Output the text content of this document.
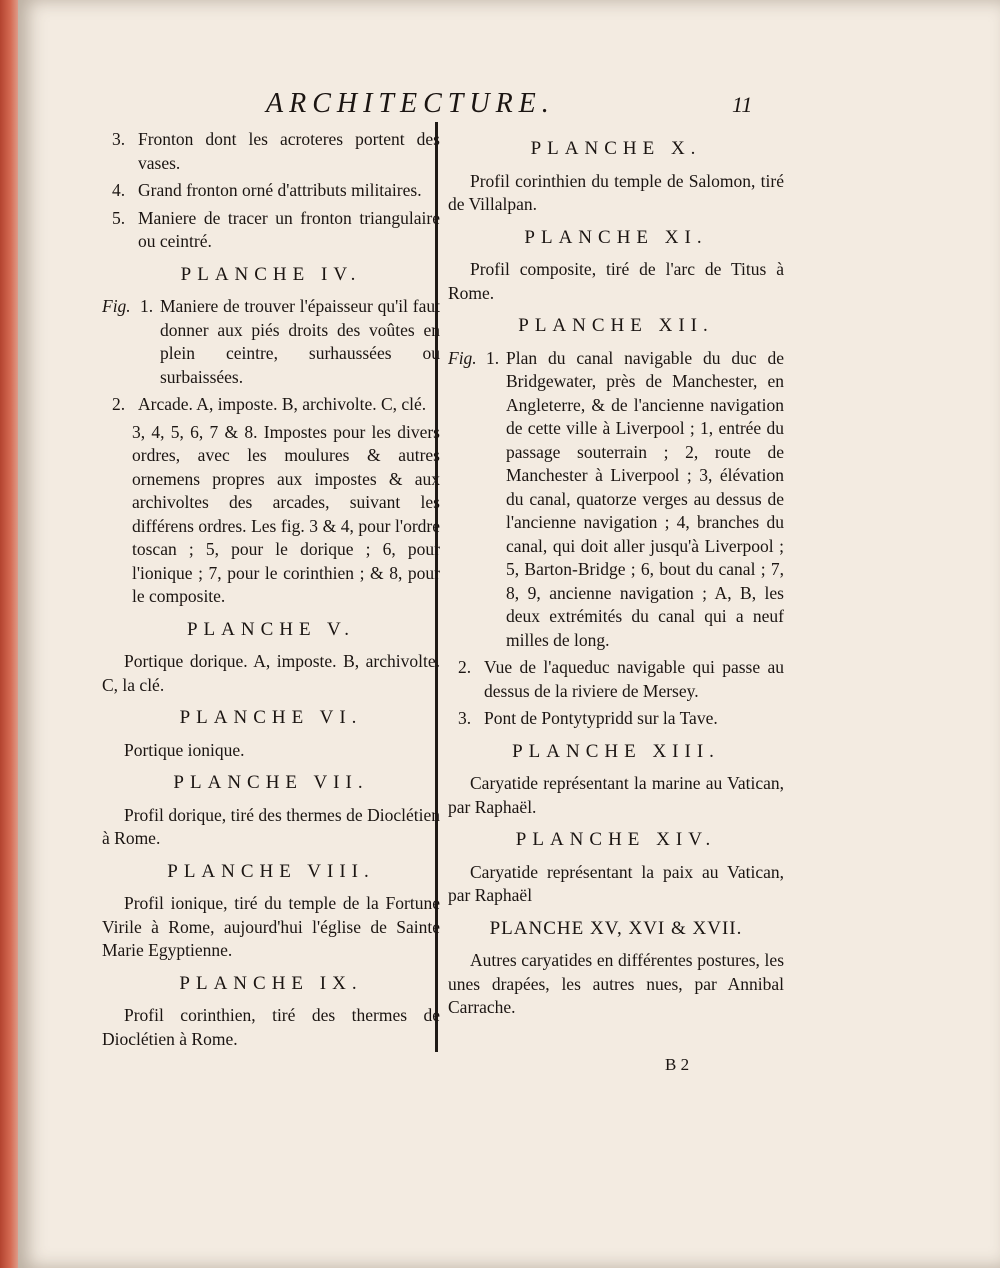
ARCHITECTURE.	11
3. Fronton dont les acroteres portent des vases.
4. Grand fronton orné d'attributs militaires.
5. Maniere de tracer un fronton triangulaire ou ceintré.
PLANCHE IV.
Fig. 1. Maniere de trouver l'épaisseur qu'il faut donner aux piés droits des voûtes en plein ceintre, surhaussées ou surbaissées.
2. Arcade. A, imposte. B, archivolte. C, clé.
3, 4, 5, 6, 7 & 8. Impostes pour les divers ordres, avec les moulures & autres ornemens propres aux impostes & aux archivoltes des arcades, suivant les différens ordres. Les fig. 3 & 4, pour l'ordre toscan ; 5, pour le dorique ; 6, pour l'ionique ; 7, pour le corinthien ; & 8, pour le composite.
PLANCHE V.
Portique dorique. A, imposte. B, archivolte. C, la clé.
PLANCHE VI.
Portique ionique.
PLANCHE VII.
Profil dorique, tiré des thermes de Dioclétien à Rome.
PLANCHE VIII.
Profil ionique, tiré du temple de la Fortune Virile à Rome, aujourd'hui l'église de Sainte Marie Egyptienne.
PLANCHE IX.
Profil corinthien, tiré des thermes de Dioclétien à Rome.
PLANCHE X.
Profil corinthien du temple de Salomon, tiré de Villalpan.
PLANCHE XI.
Profil composite, tiré de l'arc de Titus à Rome.
PLANCHE XII.
Fig. 1. Plan du canal navigable du duc de Bridgewater, près de Manchester, en Angleterre, & de l'ancienne navigation de cette ville à Liverpool ; 1, entrée du passage souterrain ; 2, route de Manchester à Liverpool ; 3, élévation du canal, quatorze verges au dessus de l'ancienne navigation ; 4, branches du canal, qui doit aller jusqu'à Liverpool ; 5, Barton-Bridge ; 6, bout du canal ; 7, 8, 9, ancienne navigation ; A, B, les deux extrémités du canal qui a neuf milles de long.
2. Vue de l'aqueduc navigable qui passe au dessus de la riviere de Mersey.
3. Pont de Pontytypridd sur la Tave.
PLANCHE XIII.
Caryatide représentant la marine au Vatican, par Raphaël.
PLANCHE XIV.
Caryatide représentant la paix au Vatican, par Raphaël
PLANCHE XV, XVI & XVII.
Autres caryatides en différentes postures, les unes drapées, les autres nues, par Annibal Carrache.
B 2
